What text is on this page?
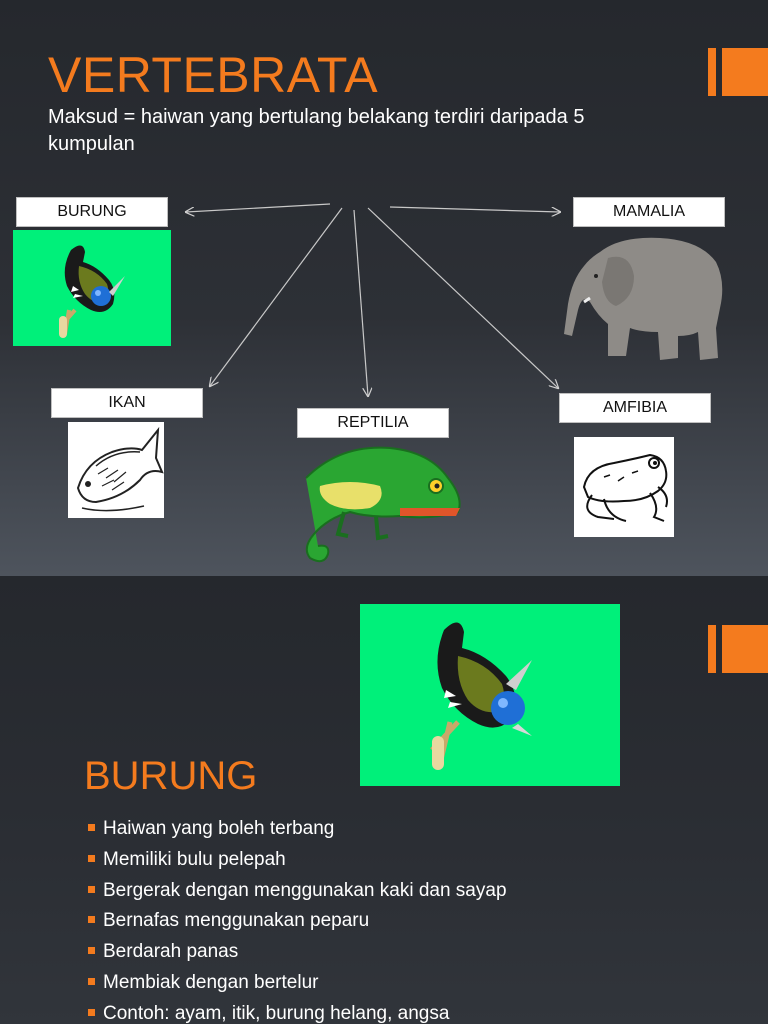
VERTEBRATA
Maksud = haiwan yang bertulang belakang terdiri daripada 5 kumpulan
BURUNG	MAMALIA
IKAN
REPTILIA
AMFIBIA
BURUNG
Haiwan yang boleh terbang
Memiliki bulu pelepah
Bergerak dengan menggunakan kaki dan sayap
Bernafas menggunakan peparu
Berdarah panas
Membiak dengan bertelur
Contoh: ayam, itik, burung helang, angsa
